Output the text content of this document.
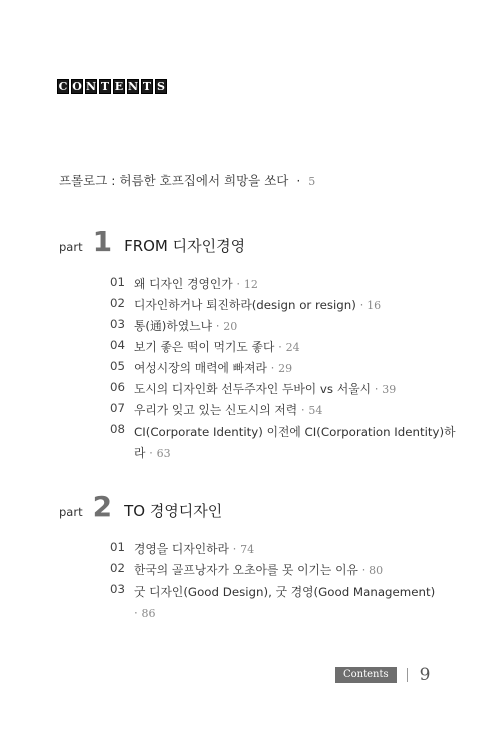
C O N T E N T S
프롤로그 : 허름한 호프집에서 희망을 쏘다  ·  5
part 1 FROM 디자인경영
01 왜 디자인 경영인가 · 12
02 디자인하거나 퇴진하라(design or resign) · 16
03 통(通)하였느냐 · 20
04 보기 좋은 떡이 먹기도 좋다 · 24
05 여성시장의 매력에 빠져라 · 29
06 도시의 디자인화 선두주자인 두바이 vs 서울시 · 39
07 우리가 잊고 있는 신도시의 저력 · 54
08 CI(Corporate Identity) 이전에 CI(Corporation Identity)하
라 · 63
part 2 TO 경영디자인
01 경영을 디자인하라 · 74
02 한국의 골프낭자가 오초아를 못 이기는 이유 · 80
03 굿 디자인(Good Design), 굿 경영(Good Management)
· 86
Contents	9
